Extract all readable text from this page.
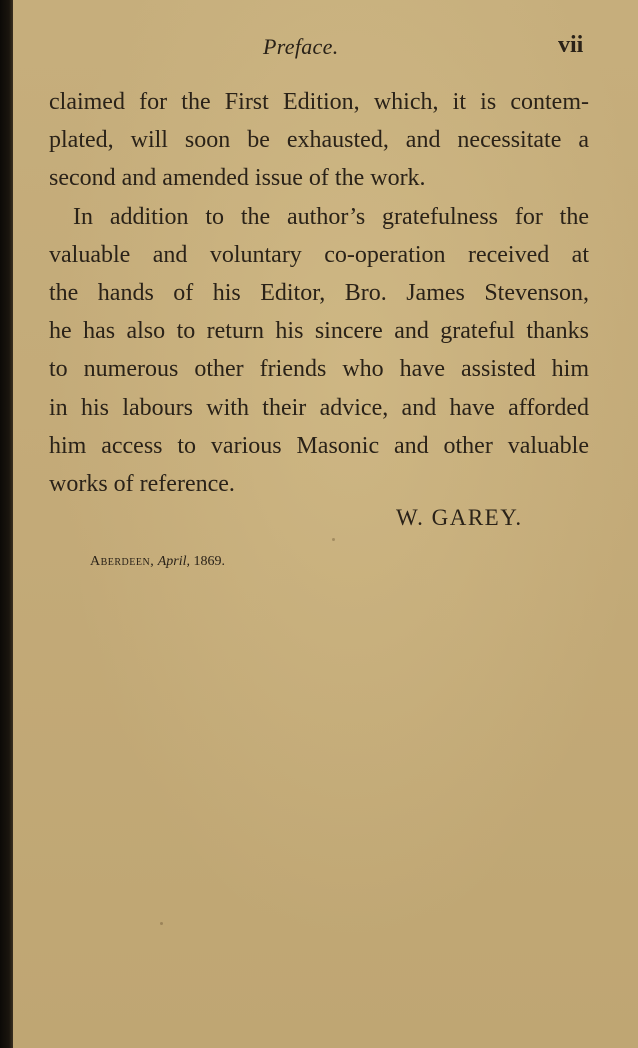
Preface.	vii
claimed for the First Edition, which, it is contem-
plated, will soon be exhausted, and necessitate a
second and amended issue of the work.
In addition to the author’s gratefulness for the
valuable and voluntary co-operation received at
the hands of his Editor, Bro. James Stevenson,
he has also to return his sincere and grateful thanks
to numerous other friends who have assisted him
in his labours with their advice, and have afforded
him access to various Masonic and other valuable
works of reference.
W. GAREY.
Aberdeen, April, 1869.
